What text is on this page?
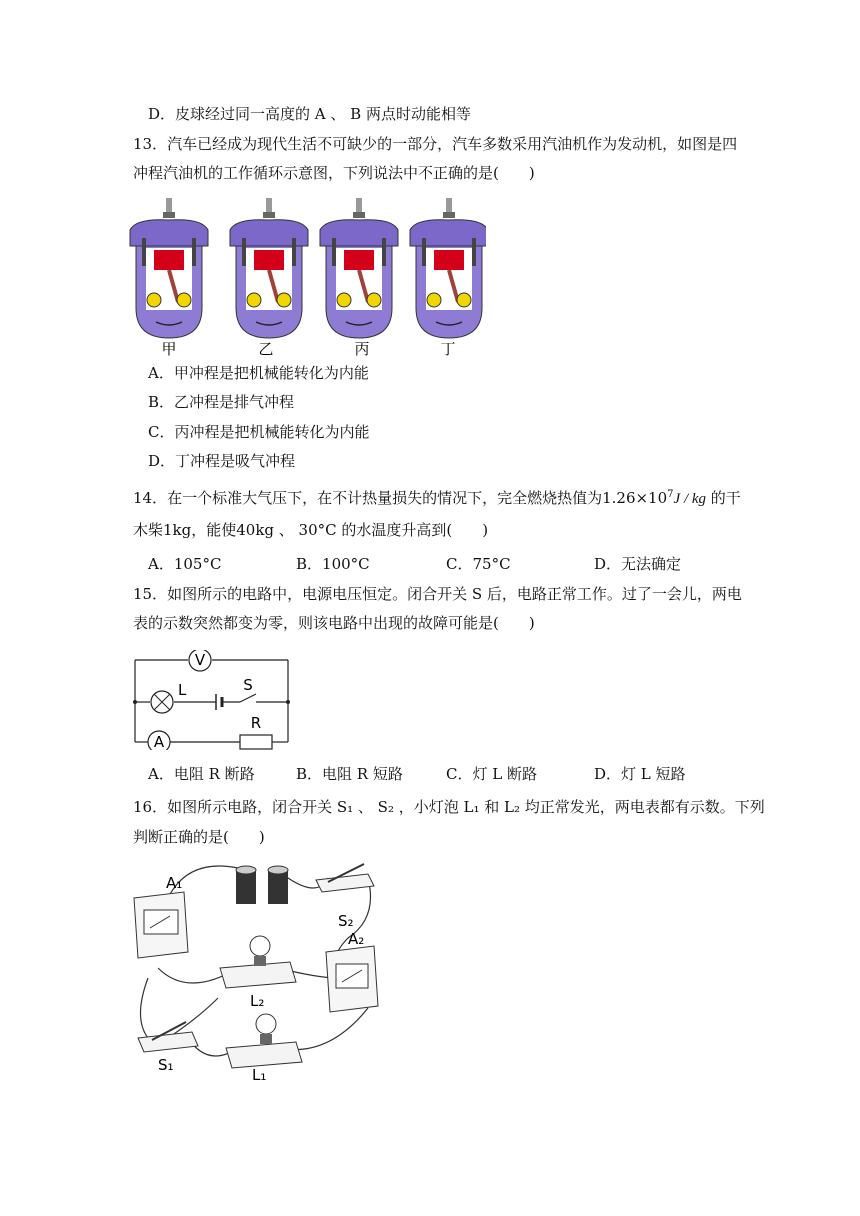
D．皮球经过同一高度的 A 、 B 两点时动能相等
13．汽车已经成为现代生活不可缺少的一部分，汽车多数采用汽油机作为发动机，如图是四
冲程汽油机的工作循环示意图，下列说法中不正确的是(　　)
甲	乙	丙	丁
A．甲冲程是把机械能转化为内能
B．乙冲程是排气冲程
C．丙冲程是把机械能转化为内能
D．丁冲程是吸气冲程
14．在一个标准大气压下，在不计热量损失的情况下，完全燃烧热值为$1.26\times 10^7J$ / kg 的干
木柴1kg，能使40kg 、 30°C 的水温度升高到(　　)
A．105°C	B．100°C	C．75°C	D．无法确定
15．如图所示的电路中，电源电压恒定。闭合开关 S 后，电路正常工作。过了一会儿，两电
表的示数突然都变为零，则该电路中出现的故障可能是(　　)
V
L	S
R
A
A．电阻 R 断路	B．电阻 R 短路	C．灯 L 断路	D．灯 L 短路
16．如图所示电路，闭合开关 S₁ 、 S₂ ，小灯泡 L₁ 和 L₂ 均正常发光，两电表都有示数。下列
判断正确的是(　　)
A₁
S₂
A₂
L₂
S₁
L₁
